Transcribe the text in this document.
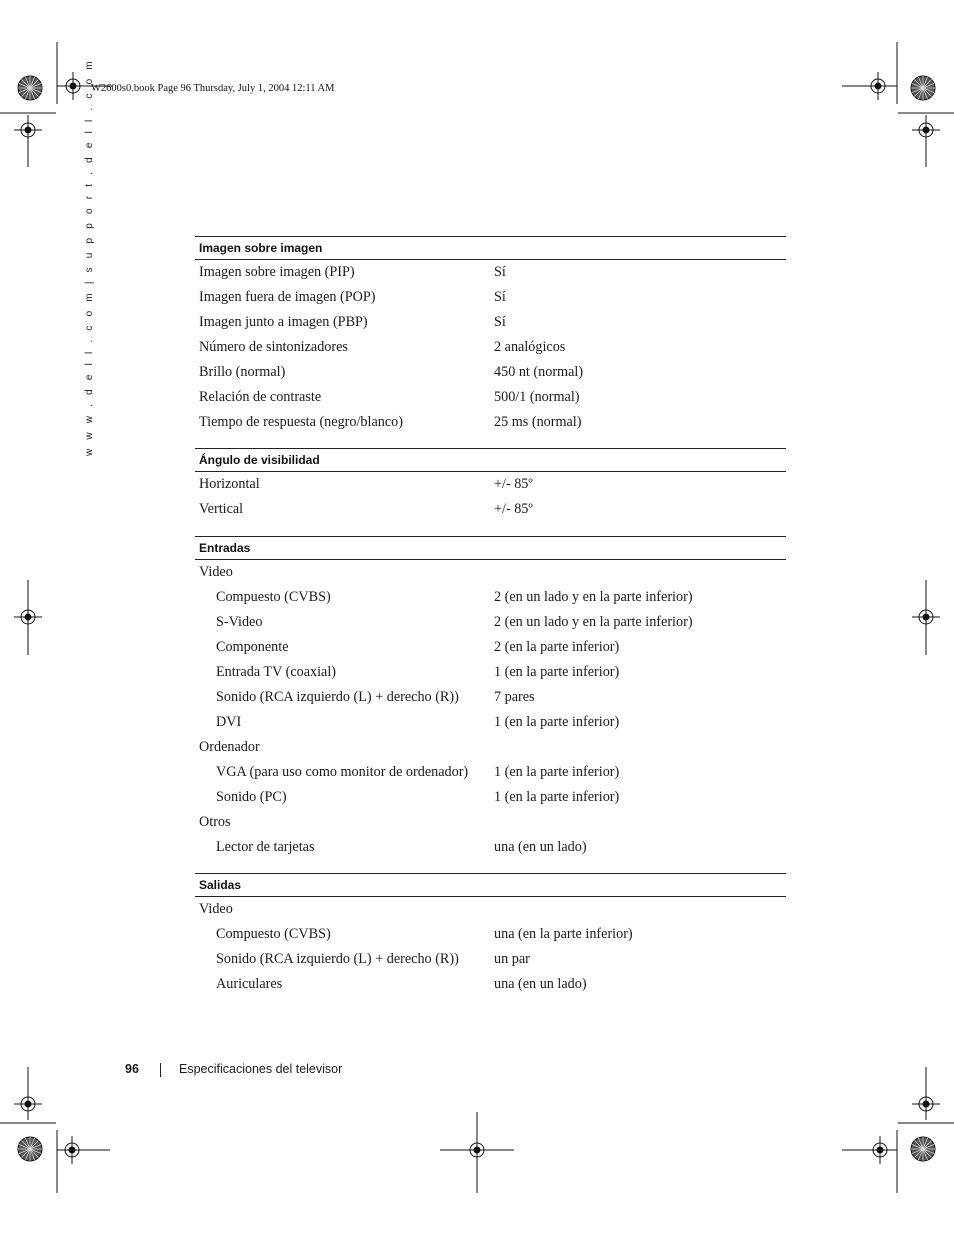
W2600s0.book Page 96 Thursday, July 1, 2004 12:11 AM
w w w . d e l l . c o m | s u p p o r t . d e l l . c o m	Imagen sobre imagen
Imagen sobre imagen (PIP)	Sí
Imagen fuera de imagen (POP)	Sí
Imagen junto a imagen (PBP)	Sí
Número de sintonizadores	2 analógicos
Brillo (normal)	450 nt (normal)
Relación de contraste	500/1 (normal)
Tiempo de respuesta (negro/blanco)	25 ms (normal)
Ángulo de visibilidad
Horizontal	+/- 85º
Vertical	+/- 85º
Entradas
Video
Compuesto (CVBS)	2 (en un lado y en la parte inferior)
S-Video	2 (en un lado y en la parte inferior)
Componente	2 (en la parte inferior)
Entrada TV (coaxial)	1 (en la parte inferior)
Sonido (RCA izquierdo (L) + derecho (R)) 7 pares
DVI	1 (en la parte inferior)
Ordenador
VGA (para uso como monitor de ordenador) 1 (en la parte inferior)
Sonido (PC)	1 (en la parte inferior)
Otros
Lector de tarjetas	una (en un lado)
Salidas
Video
Compuesto (CVBS)	una (en la parte inferior)
Sonido (RCA izquierdo (L) + derecho (R)) un par
Auriculares	una (en un lado)
96	Especificaciones del televisor
